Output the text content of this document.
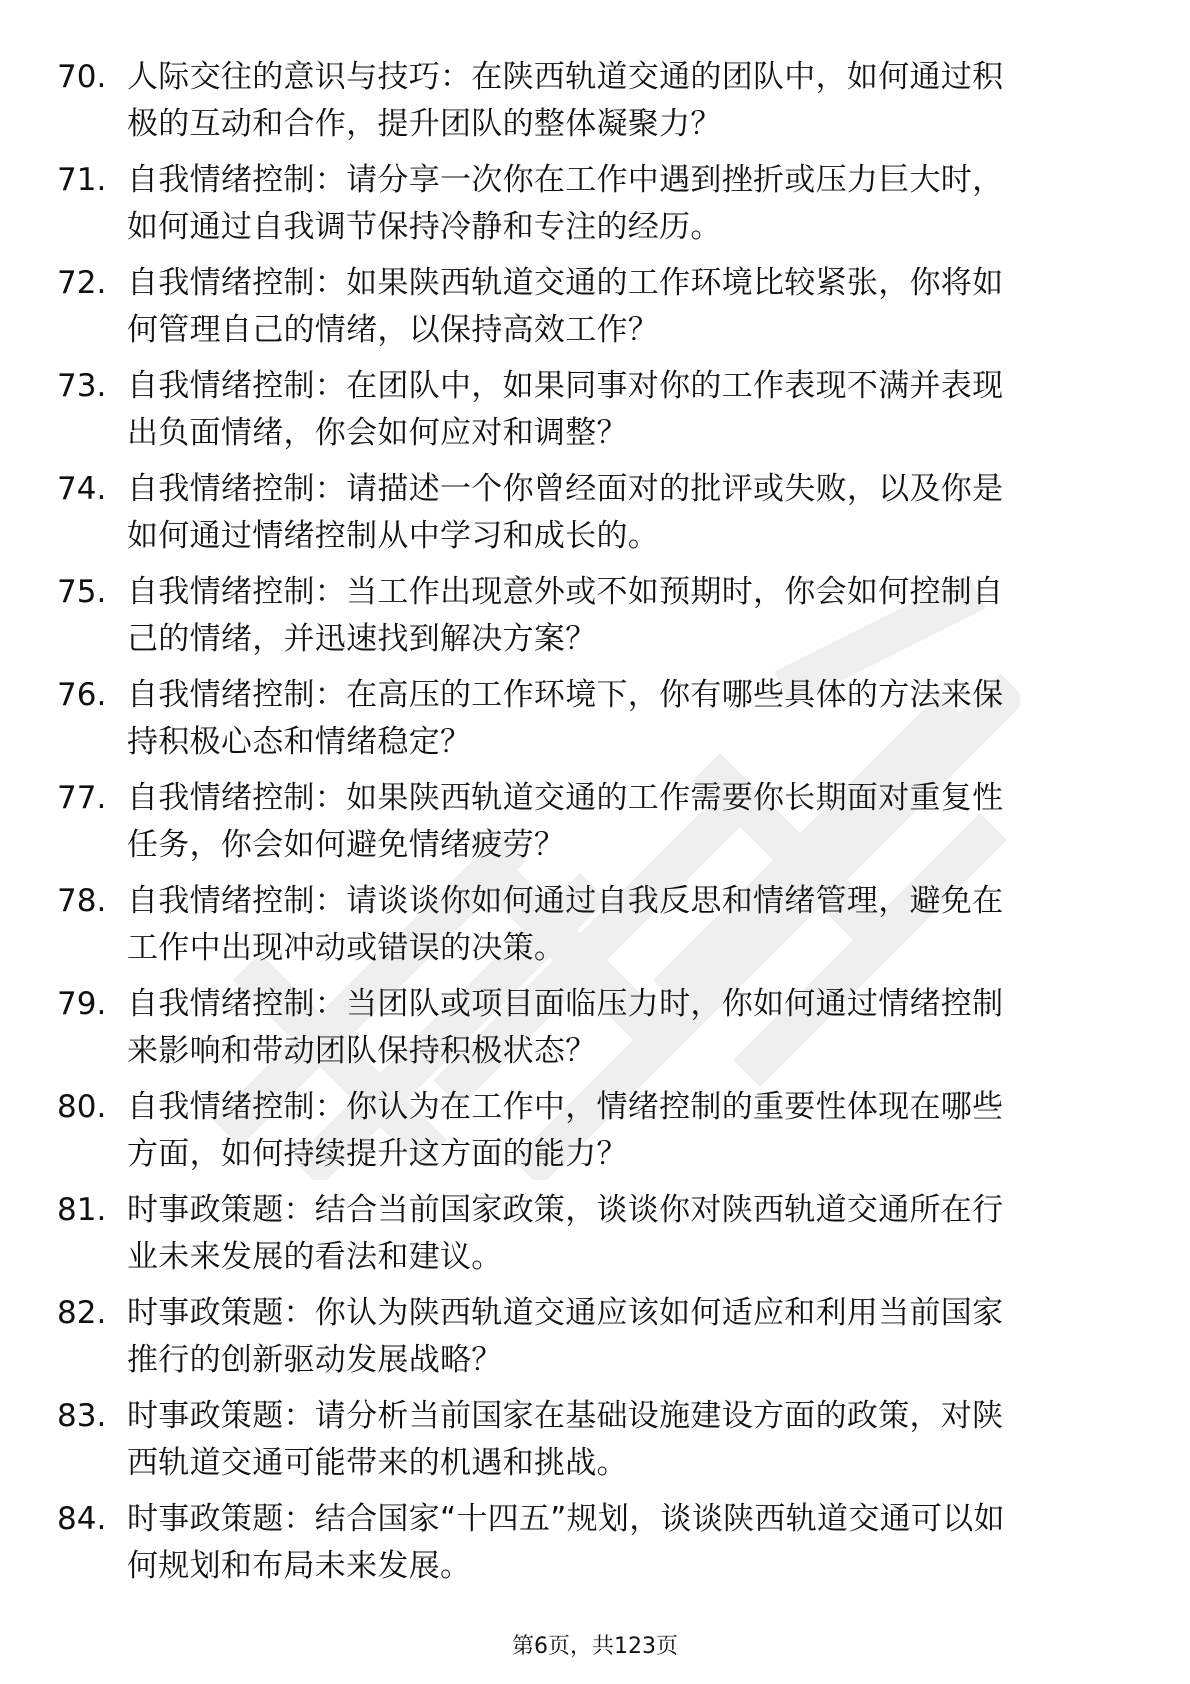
70. 人际交往的意识与技巧：在陕西轨道交通的团队中，如何通过积
极的互动和合作，提升团队的整体凝聚力？
71. 自我情绪控制：请分享一次你在工作中遇到挫折或压力巨大时，
如何通过自我调节保持冷静和专注的经历。
72. 自我情绪控制：如果陕西轨道交通的工作环境比较紧张，你将如
何管理自己的情绪，以保持高效工作？
73. 自我情绪控制：在团队中，如果同事对你的工作表现不满并表现
出负面情绪，你会如何应对和调整？
74. 自我情绪控制：请描述一个你曾经面对的批评或失败，以及你是
如何通过情绪控制从中学习和成长的。
75. 自我情绪控制：当工作出现意外或不如预期时，你会如何控制自
己的情绪，并迅速找到解决方案？
76. 自我情绪控制：在高压的工作环境下，你有哪些具体的方法来保
持积极心态和情绪稳定？
77. 自我情绪控制：如果陕西轨道交通的工作需要你长期面对重复性
任务，你会如何避免情绪疲劳？
78. 自我情绪控制：请谈谈你如何通过自我反思和情绪管理，避免在
工作中出现冲动或错误的决策。
79. 自我情绪控制：当团队或项目面临压力时，你如何通过情绪控制
来影响和带动团队保持积极状态？
80. 自我情绪控制：你认为在工作中，情绪控制的重要性体现在哪些
方面，如何持续提升这方面的能力？
81. 时事政策题：结合当前国家政策，谈谈你对陕西轨道交通所在行
业未来发展的看法和建议。
82. 时事政策题：你认为陕西轨道交通应该如何适应和利用当前国家
推行的创新驱动发展战略？
83. 时事政策题：请分析当前国家在基础设施建设方面的政策，对陕
西轨道交通可能带来的机遇和挑战。
84. 时事政策题：结合国家“十四五”规划，谈谈陕西轨道交通可以如
何规划和布局未来发展。
第6页，共123页
